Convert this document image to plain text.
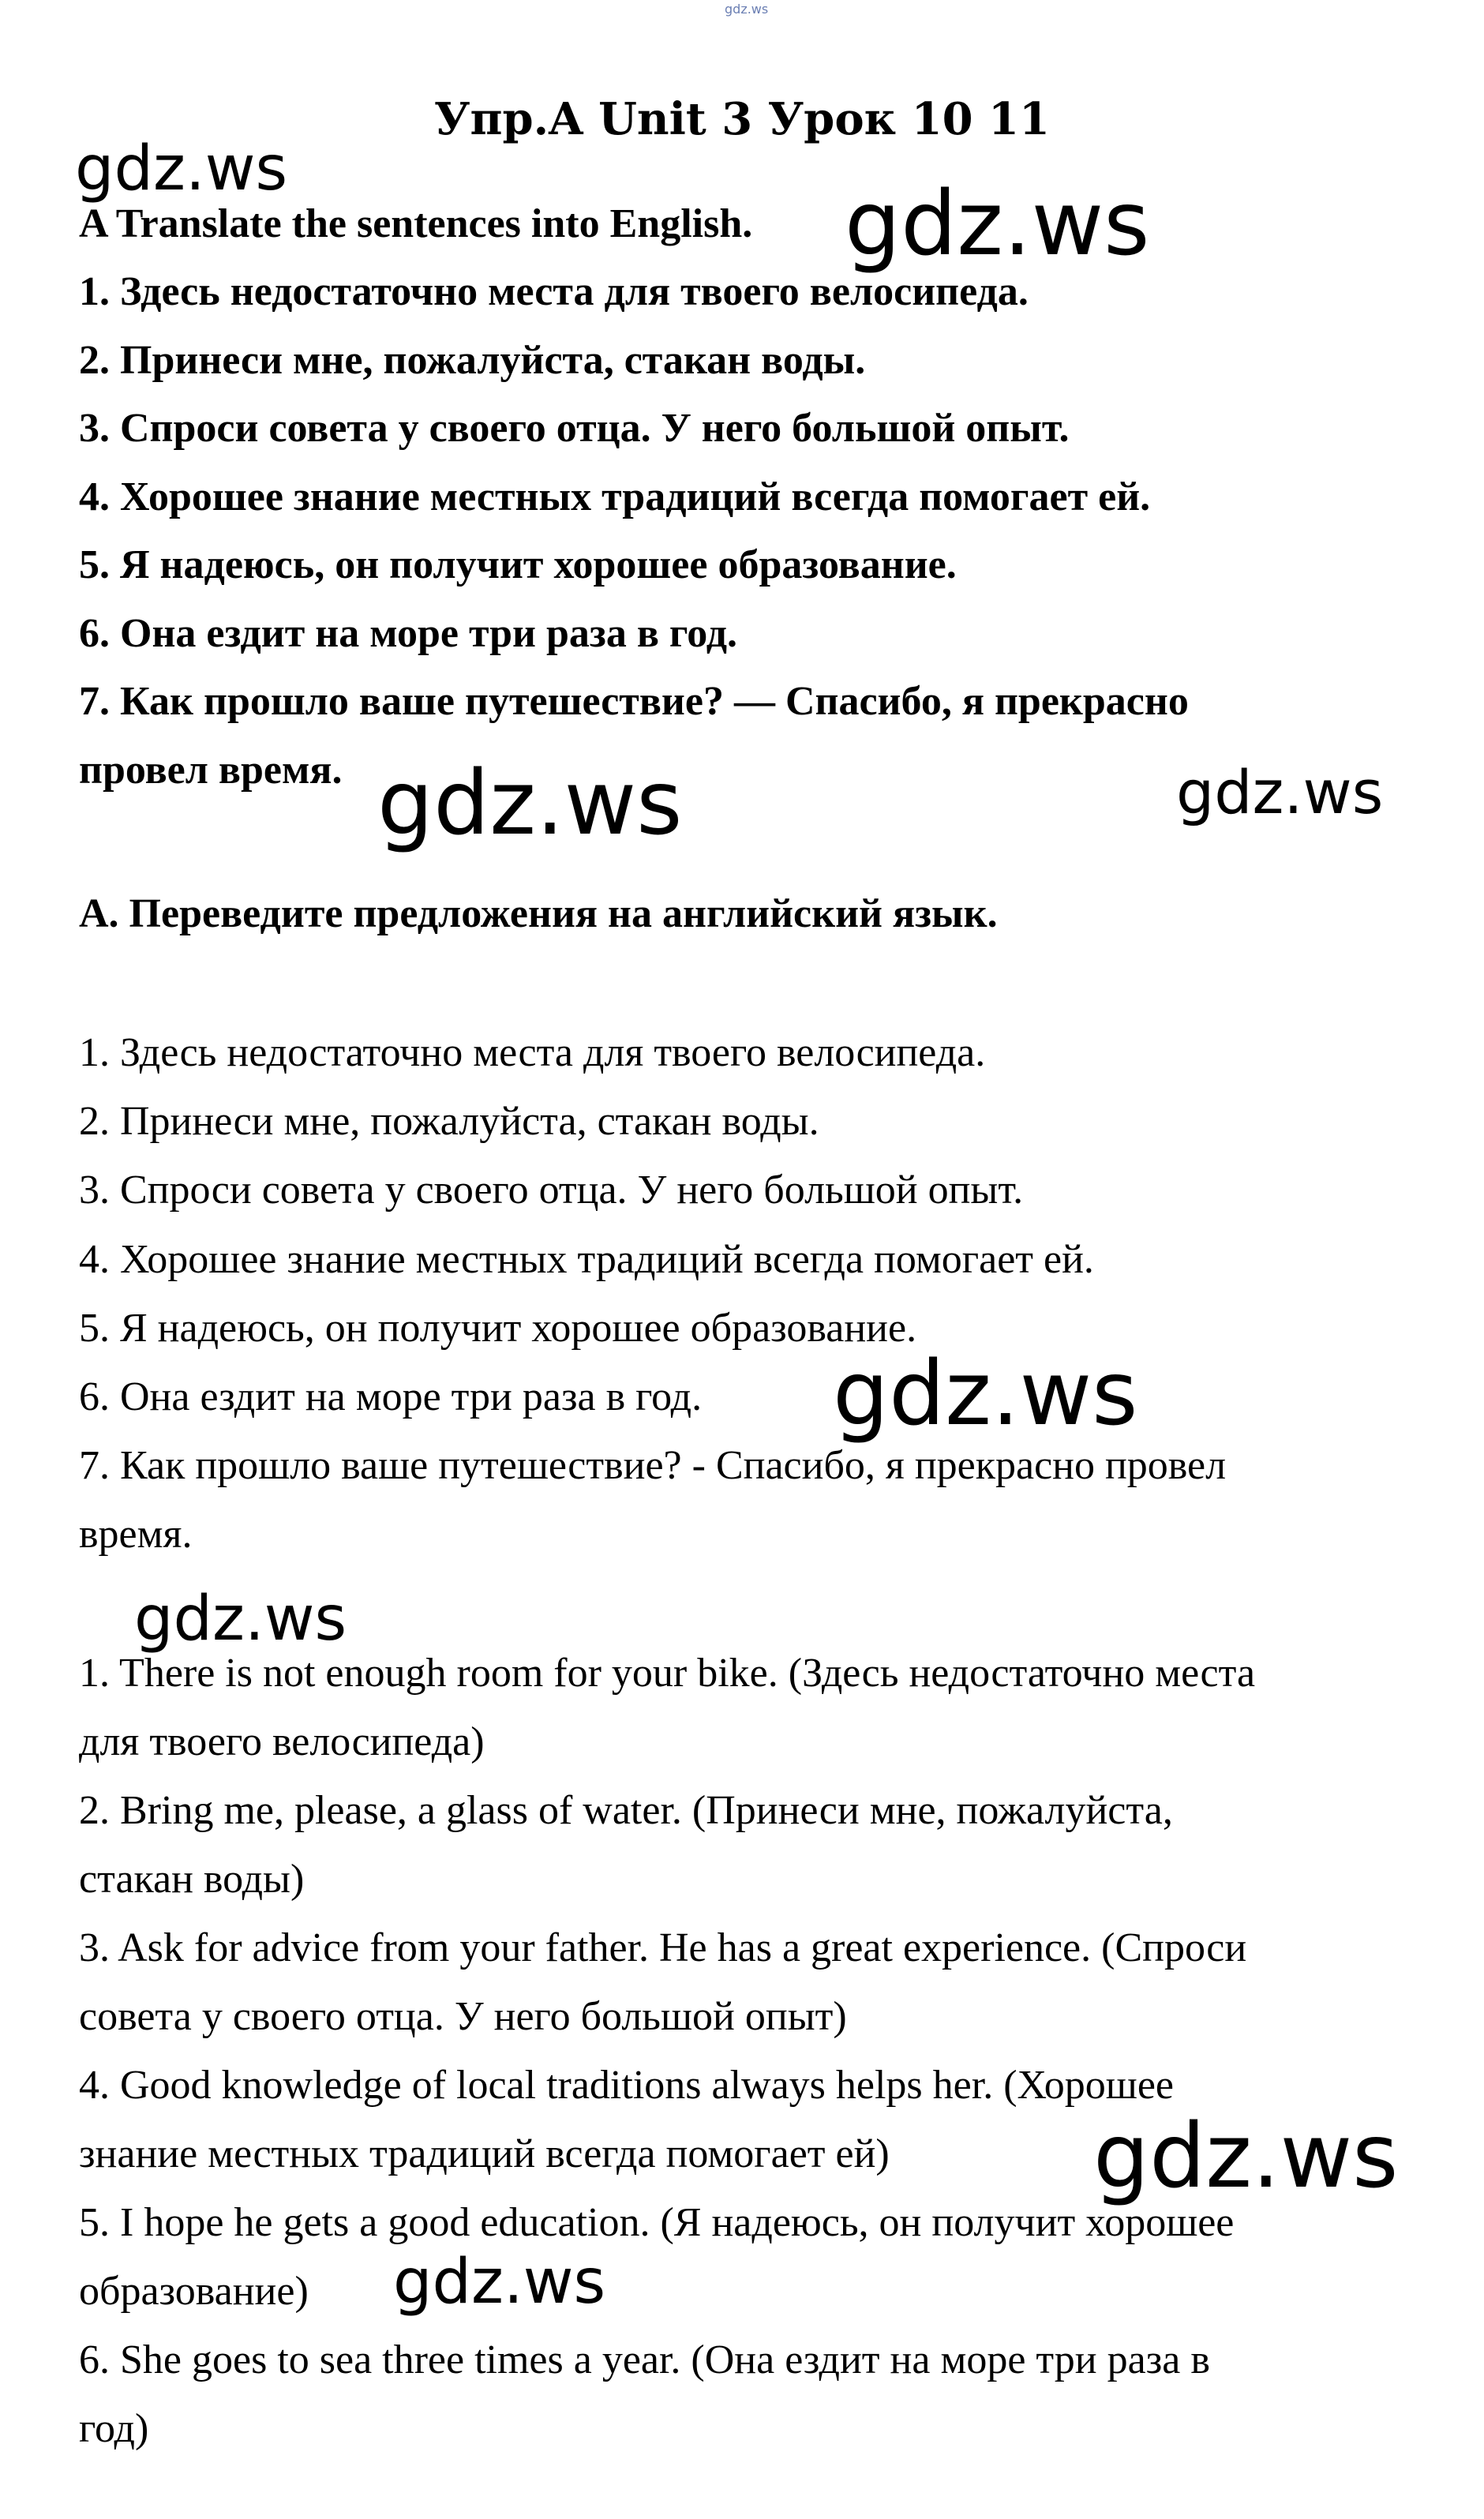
gdz.ws
Упр.A Unit 3 Урок 10 11
A Translate the sentences into English.
1. Здесь недостаточно места для твоего велосипеда.
2. Принеси мне, пожалуйста, стакан воды.
3. Спроси совета у своего отца. У него большой опыт.
4. Хорошее знание местных традиций всегда помогает ей.
5. Я надеюсь, он получит хорошее образование.
6. Она ездит на море три раза в год.
7. Как прошло ваше путешествие? — Спасибо, я прекрасно
провел время.
A. Переведите предложения на английский язык.
1. Здесь недостаточно места для твоего велосипеда.
2. Принеси мне, пожалуйста, стакан воды.
3. Спроси совета у своего отца. У него большой опыт.
4. Хорошее знание местных традиций всегда помогает ей.
5. Я надеюсь, он получит хорошее образование.
6. Она ездит на море три раза в год.
7. Как прошло ваше путешествие? - Спасибо, я прекрасно провел
время.
1. There is not enough room for your bike. (Здесь недостаточно места
для твоего велосипеда)
2. Bring me, please, a glass of water. (Принеси мне, пожалуйста,
стакан воды)
3. Ask for advice from your father. He has a great experience. (Спроси
совета у своего отца. У него большой опыт)
4. Good knowledge of local traditions always helps her. (Хорошее
знание местных традиций всегда помогает ей)
5. I hope he gets a good education. (Я надеюсь, он получит хорошее
образование)
6. She goes to sea three times a year. (Она ездит на море три раза в
год)
gdz.ws
gdz.ws
gdz.ws	gdz.ws
gdz.ws
gdz.ws
gdz.ws
gdz.ws
